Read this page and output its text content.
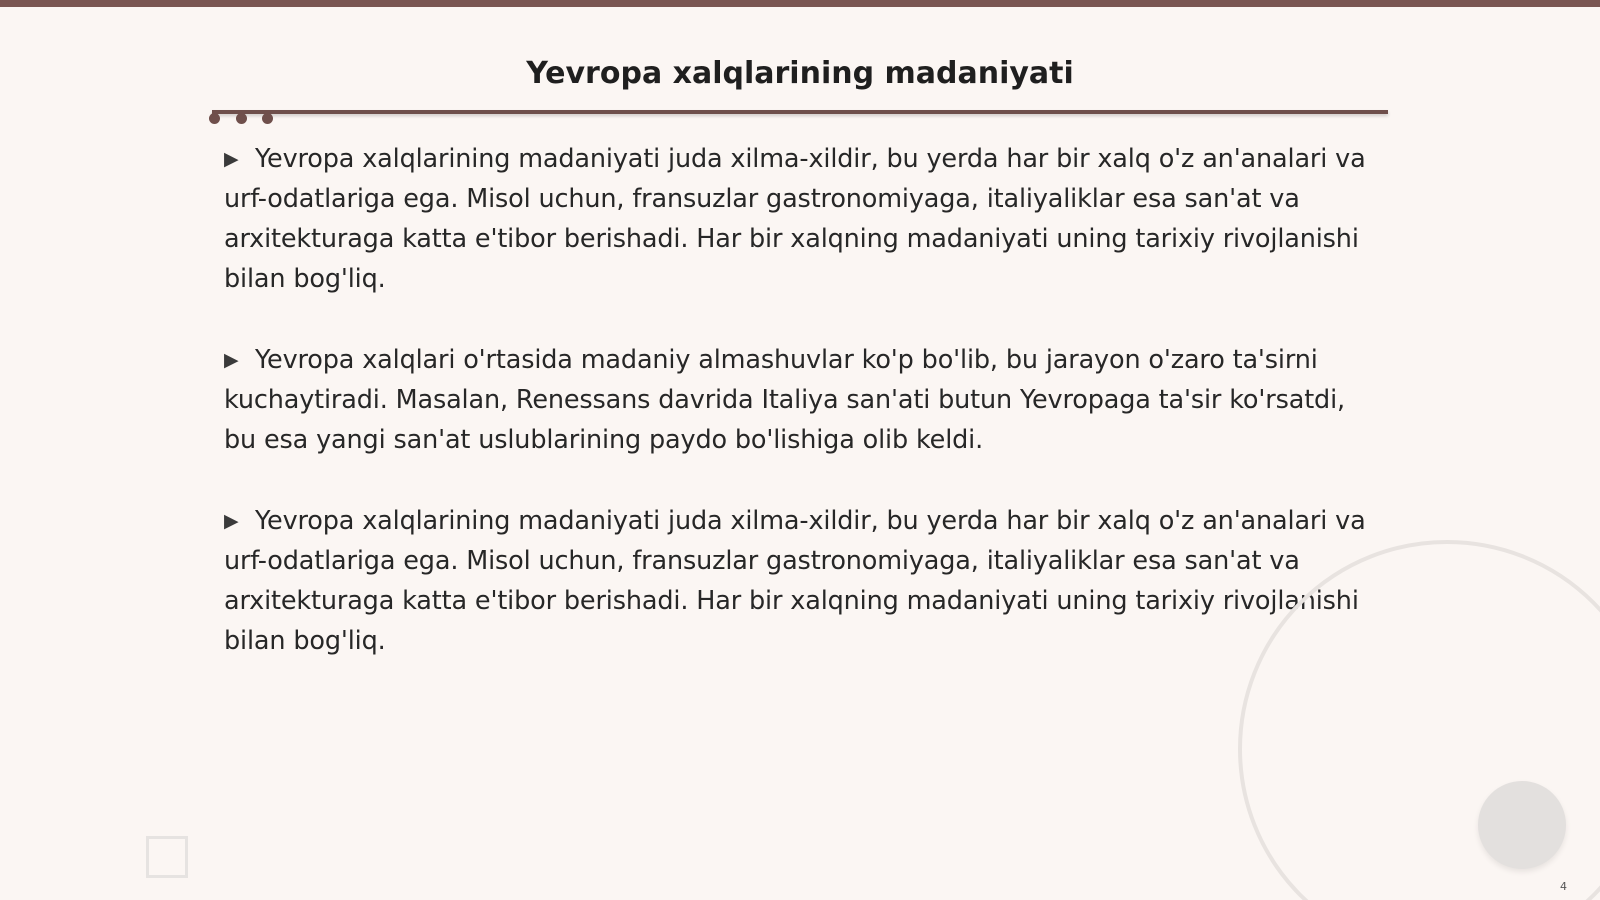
Yevropa xalqlarining madaniyati

▶ Yevropa xalqlarining madaniyati juda xilma-xildir, bu yerda har bir xalq o'z an'analari va urf-odatlariga ega. Misol uchun, fransuzlar gastronomiyaga, italiyaliklar esa san'at va arxitekturaga katta e'tibor berishadi. Har bir xalqning madaniyati uning tarixiy rivojlanishi bilan bog'liq.

▶ Yevropa xalqlari o'rtasida madaniy almashuvlar ko'p bo'lib, bu jarayon o'zaro ta'sirni kuchaytiradi. Masalan, Renessans davrida Italiya san'ati butun Yevropaga ta'sir ko'rsatdi, bu esa yangi san'at uslublarining paydo bo'lishiga olib keldi.

▶ Yevropa xalqlarining madaniyati juda xilma-xildir, bu yerda har bir xalq o'z an'analari va urf-odatlariga ega. Misol uchun, fransuzlar gastronomiyaga, italiyaliklar esa san'at va arxitekturaga katta e'tibor berishadi. Har bir xalqning madaniyati uning tarixiy rivojlanishi bilan bog'liq.

4
